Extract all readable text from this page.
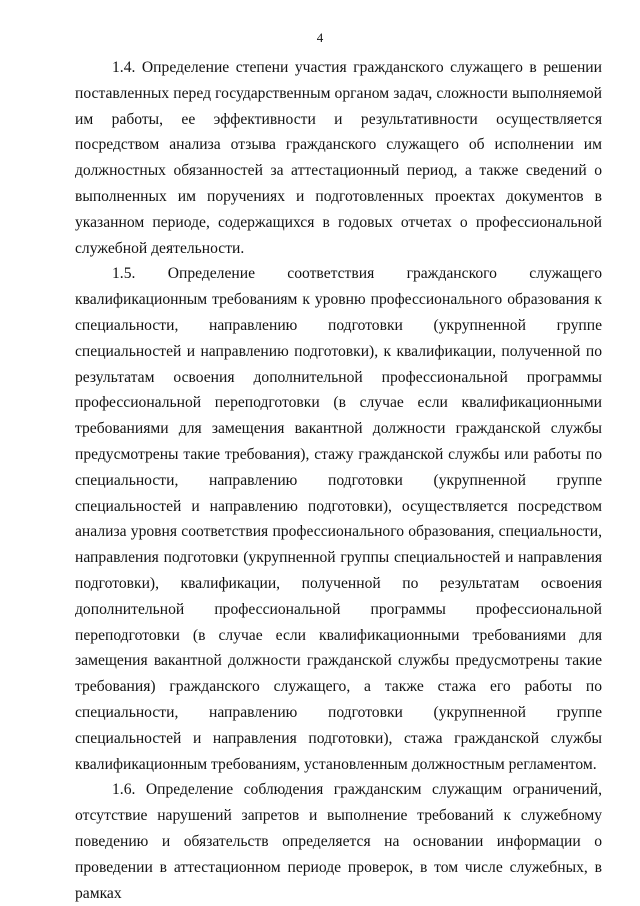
4

1.4. Определение степени участия гражданского служащего в решении поставленных перед государственным органом задач, сложности выполняемой им работы, ее эффективности и результативности осуществляется посредством анализа отзыва гражданского служащего об исполнении им должностных обязанностей за аттестационный период, а также сведений о выполненных им поручениях и подготовленных проектах документов в указанном периоде, содержащихся в годовых отчетах о профессиональной служебной деятельности.

1.5. Определение соответствия гражданского служащего квалификационным требованиям к уровню профессионального образования к специальности, направлению подготовки (укрупненной группе специальностей и направлению подготовки), к квалификации, полученной по результатам освоения дополнительной профессиональной программы профессиональной переподготовки (в случае если квалификационными требованиями для замещения вакантной должности гражданской службы предусмотрены такие требования), стажу гражданской службы или работы по специальности, направлению подготовки (укрупненной группе специальностей и направлению подготовки), осуществляется посредством анализа уровня соответствия профессионального образования, специальности, направления подготовки (укрупненной группы специальностей и направления подготовки), квалификации, полученной по результатам освоения дополнительной профессиональной программы профессиональной переподготовки (в случае если квалификационными требованиями для замещения вакантной должности гражданской службы предусмотрены такие требования) гражданского служащего, а также стажа его работы по специальности, направлению подготовки (укрупненной группе специальностей и направления подготовки), стажа гражданской службы квалификационным требованиям, установленным должностным регламентом.

1.6. Определение соблюдения гражданским служащим ограничений, отсутствие нарушений запретов и выполнение требований к служебному поведению и обязательств определяется на основании информации о проведении в аттестационном периоде проверок, в том числе служебных, в рамках
